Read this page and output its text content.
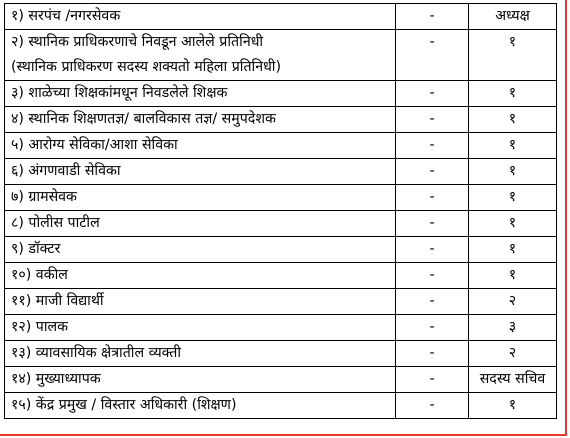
१) सरपंच /नगरसेवक	-	अध्यक्ष
२) स्थानिक प्राधिकरणाचे निवडून आलेले प्रतिनिधी	-	१
(स्थानिक प्राधिकरण सदस्य शक्यतो महिला प्रतिनिधी)		
३) शाळेच्या शिक्षकांमधून निवडलेले शिक्षक	-	१
४) स्थानिक शिक्षणतज्ञ/ बालविकास तज्ञ/ समुपदेशक	-	१
५) आरोग्य सेविका/आशा सेविका	-	१
६) अंगणवाडी सेविका	-	१
७) ग्रामसेवक	-	१
८) पोलीस पाटील	-	१
९) डॉक्टर	-	१
१०) वकील	-	१
११) माजी विद्यार्थी	-	२
१२) पालक	-	३
१३) व्यावसायिक क्षेत्रातील व्यक्ती	-	२
१४) मुख्याध्यापक	-	सदस्य सचिव
१५) केंद्र प्रमुख / विस्तार अधिकारी (शिक्षण)	-	१
